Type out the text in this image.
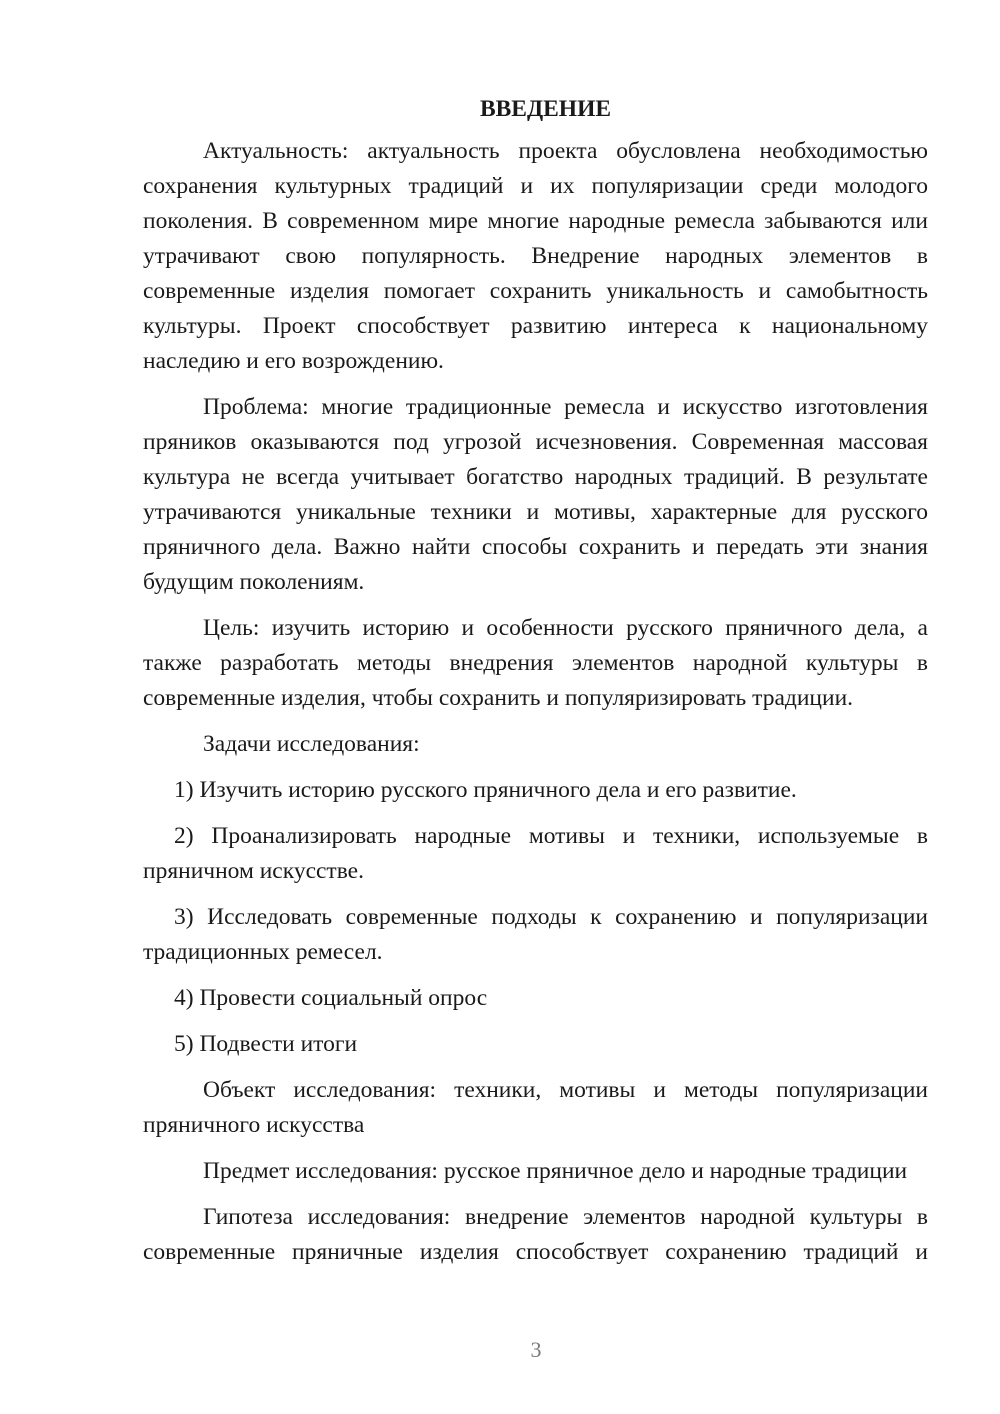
ВВЕДЕНИЕ

Актуальность: актуальность проекта обусловлена необходимостью сохранения культурных традиций и их популяризации среди молодого поколения. В современном мире многие народные ремесла забываются или утрачивают свою популярность. Внедрение народных элементов в современные изделия помогает сохранить уникальность и самобытность культуры. Проект способствует развитию интереса к национальному наследию и его возрождению.

Проблема: многие традиционные ремесла и искусство изготовления пряников оказываются под угрозой исчезновения. Современная массовая культура не всегда учитывает богатство народных традиций. В результате утрачиваются уникальные техники и мотивы, характерные для русского пряничного дела. Важно найти способы сохранить и передать эти знания будущим поколениям.

Цель: изучить историю и особенности русского пряничного дела, а также разработать методы внедрения элементов народной культуры в современные изделия, чтобы сохранить и популяризировать традиции.

Задачи исследования:

1) Изучить историю русского пряничного дела и его развитие.

2) Проанализировать народные мотивы и техники, используемые в пряничном искусстве.

3) Исследовать современные подходы к сохранению и популяризации традиционных ремесел.

4) Провести социальный опрос

5) Подвести итоги

Объект исследования: техники, мотивы и методы популяризации пряничного искусства

Предмет исследования: русское пряничное дело и народные традиции

Гипотеза исследования: внедрение элементов народной культуры в современные пряничные изделия способствует сохранению традиций и

3
